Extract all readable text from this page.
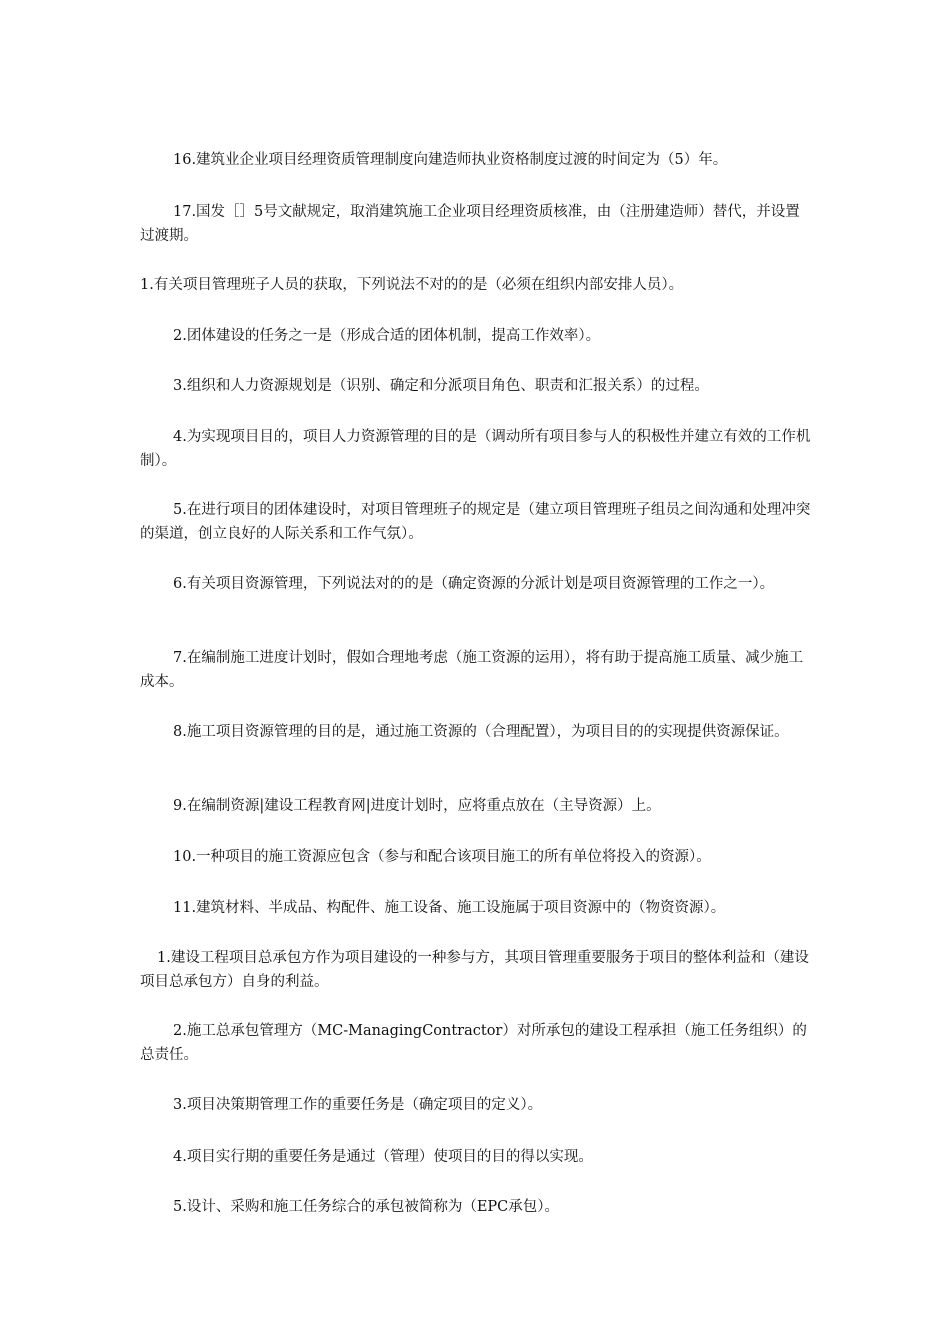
16.建筑业企业项目经理资质管理制度向建造师执业资格制度过渡的时间定为（5）年。

17.国发［］5号文献规定，取消建筑施工企业项目经理资质核准，由（注册建造师）替代，并设置过渡期。

1.有关项目管理班子人员的获取，下列说法不对的的是（必须在组织内部安排人员）。

2.团体建设的任务之一是（形成合适的团体机制，提高工作效率）。

3.组织和人力资源规划是（识别、确定和分派项目角色、职责和汇报关系）的过程。

4.为实现项目目的，项目人力资源管理的目的是（调动所有项目参与人的积极性并建立有效的工作机制）。

5.在进行项目的团体建设时，对项目管理班子的规定是（建立项目管理班子组员之间沟通和处理冲突的渠道，创立良好的人际关系和工作气氛）。

6.有关项目资源管理，下列说法对的的是（确定资源的分派计划是项目资源管理的工作之一）。

7.在编制施工进度计划时，假如合理地考虑（施工资源的运用），将有助于提高施工质量、减少施工成本。

8.施工项目资源管理的目的是，通过施工资源的（合理配置），为项目目的的实现提供资源保证。

9.在编制资源|建设工程教育网|进度计划时，应将重点放在（主导资源）上。

10.一种项目的施工资源应包含（参与和配合该项目施工的所有单位将投入的资源）。

11.建筑材料、半成品、构配件、施工设备、施工设施属于项目资源中的（物资资源）。

1.建设工程项目总承包方作为项目建设的一种参与方，其项目管理重要服务于项目的整体利益和（建设项目总承包方）自身的利益。

2.施工总承包管理方（MC-ManagingContractor）对所承包的建设工程承担（施工任务组织）的总责任。

3.项目决策期管理工作的重要任务是（确定项目的定义）。

4.项目实行期的重要任务是通过（管理）使项目的目的得以实现。

5.设计、采购和施工任务综合的承包被简称为（EPC承包）。
